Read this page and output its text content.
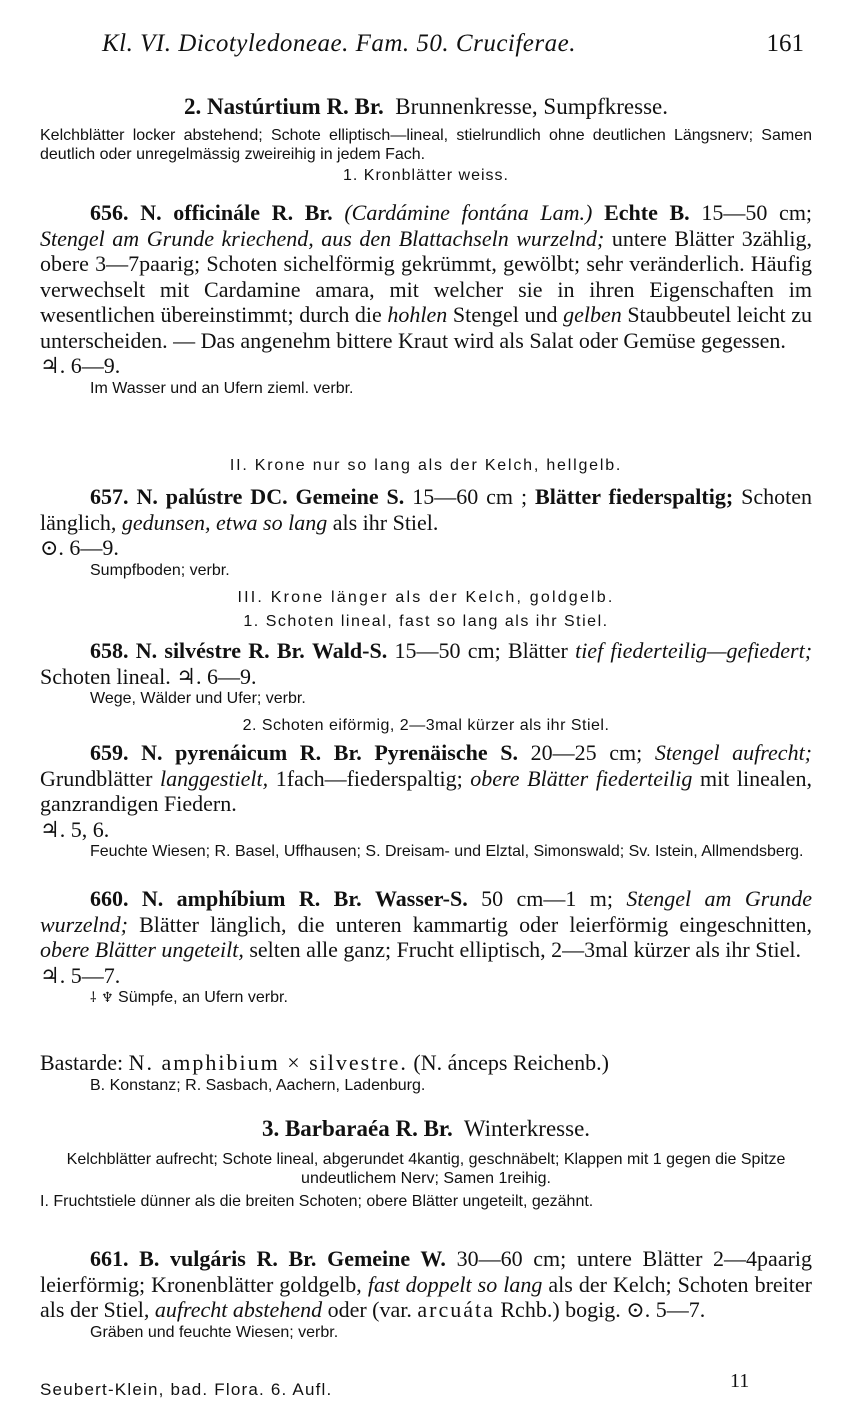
Kl. VI. Dicotyledoneae. Fam. 50. Cruciferae.	161
2. Nastúrtium R. Br. Brunnenkresse, Sumpfkresse.
Kelchblätter locker abstehend; Schote elliptisch—lineal, stielrundlich ohne deutlichen Längsnerv; Samen deutlich oder unregelmässig zweireihig in jedem Fach.
1. Kronblätter weiss.
656. N. officinále R. Br. (Cardámine fontána Lam.) Echte B. 15—50 cm; Stengel am Grunde kriechend, aus den Blattachseln wurzelnd; untere Blätter 3zählig, obere 3—7paarig; Schoten sichelförmig gekrümmt, gewölbt; sehr veränderlich. Häufig verwechselt mit Cardamine amara, mit welcher sie in ihren Eigenschaften im wesentlichen übereinstimmt; durch die hohlen Stengel und gelben Staubbeutel leicht zu unterscheiden. — Das angenehm bittere Kraut wird als Salat oder Gemüse gegessen.
♃. 6—9.
Im Wasser und an Ufern zieml. verbr.
II. Krone nur so lang als der Kelch, hellgelb.
657. N. palústre DC. Gemeine S. 15—60 cm ; Blätter fiederspaltig; Schoten länglich, gedunsen, etwa so lang als ihr Stiel.
⊙. 6—9.
Sumpfboden; verbr.
III. Krone länger als der Kelch, goldgelb.
1. Schoten lineal, fast so lang als ihr Stiel.
658. N. silvéstre R. Br. Wald-S. 15—50 cm; Blätter tief fiederteilig—gefiedert; Schoten lineal. ♃. 6—9.
Wege, Wälder und Ufer; verbr.
2. Schoten eiförmig, 2—3mal kürzer als ihr Stiel.
659. N. pyrenáicum R. Br. Pyrenäische S. 20—25 cm; Stengel aufrecht; Grundblätter langgestielt, 1fach—fiederspaltig; obere Blätter fiederteilig mit linealen, ganzrandigen Fiedern.
♃. 5, 6.
Feuchte Wiesen; R. Basel, Uffhausen; S. Dreisam- und Elztal, Simonswald; Sv. Istein, Allmendsberg.
660. N. amphíbium R. Br. Wasser-S. 50 cm—1 m; Stengel am Grunde wurzelnd; Blätter länglich, die unteren kammartig oder leierförmig eingeschnitten, obere Blätter ungeteilt, selten alle ganz; Frucht elliptisch, 2—3mal kürzer als ihr Stiel.
♃. 5—7.
⸸ ♆ Sümpfe, an Ufern verbr.
Bastarde: N. amphibium × silvestre. (N. ánceps Reichenb.)
B. Konstanz; R. Sasbach, Aachern, Ladenburg.
3. Barbaraéa R. Br. Winterkresse.
Kelchblätter aufrecht; Schote lineal, abgerundet 4kantig, geschnäbelt; Klappen mit 1 gegen die Spitze undeutlichem Nerv; Samen 1reihig.
I. Fruchtstiele dünner als die breiten Schoten; obere Blätter ungeteilt, gezähnt.
661. B. vulgáris R. Br. Gemeine W. 30—60 cm; untere Blätter 2—4paarig leierförmig; Kronenblätter goldgelb, fast doppelt so lang als der Kelch; Schoten breiter als der Stiel, aufrecht abstehend oder (var. arcuáta Rchb.) bogig. ⊙. 5—7.
Gräben und feuchte Wiesen; verbr.
Seubert-Klein, bad. Flora. 6. Aufl.	11
